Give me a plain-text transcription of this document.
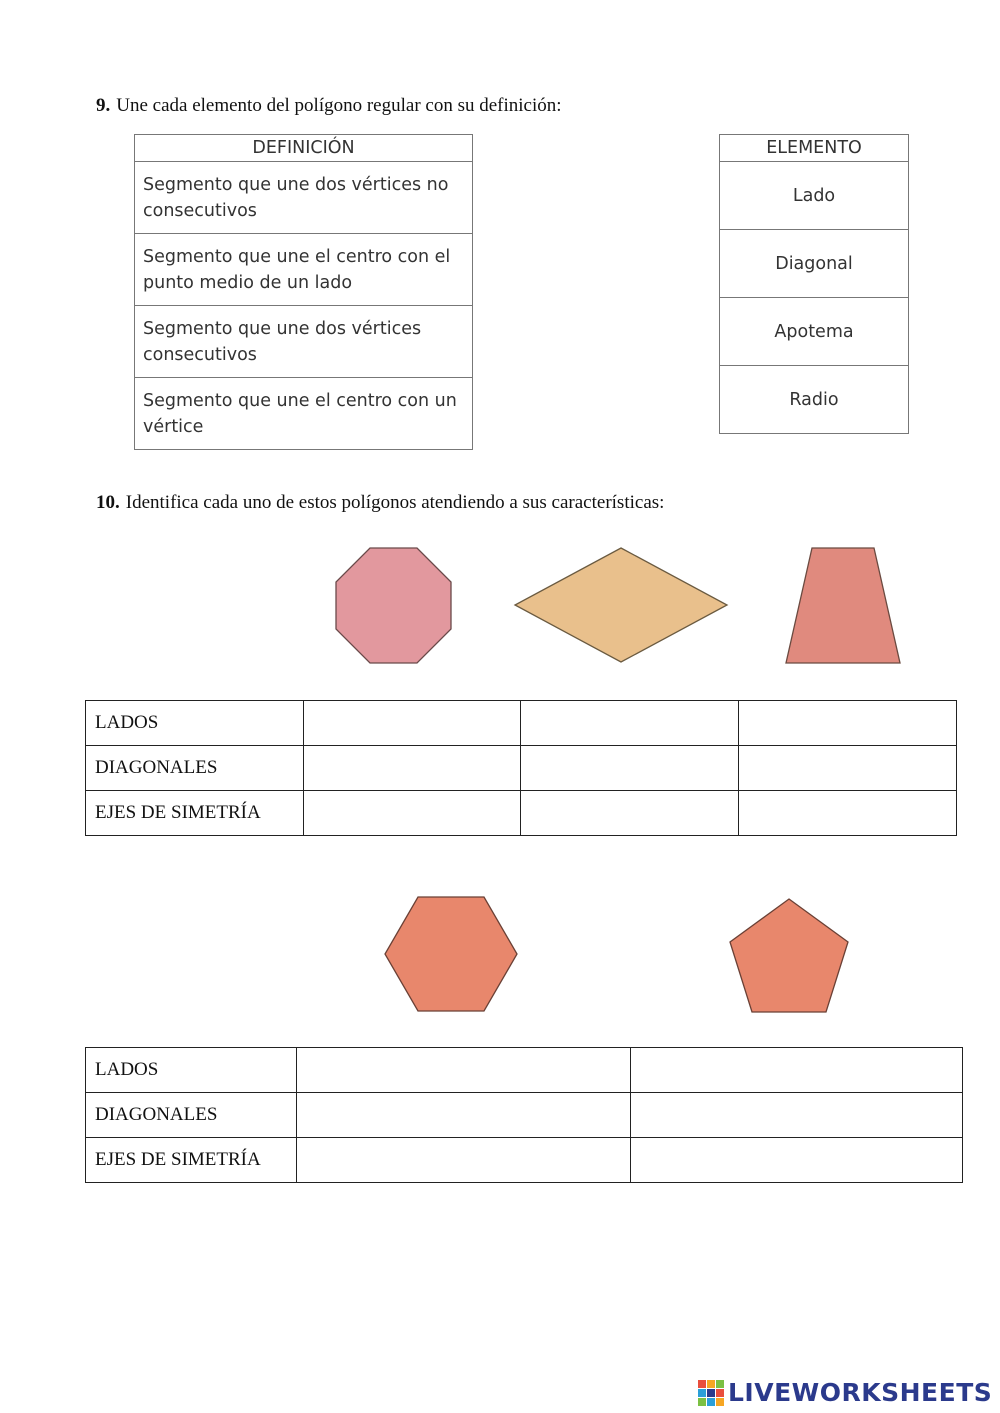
9. Une cada elemento del polígono regular con su definición:
DEFINICIÓN
Segmento que une dos vértices no consecutivos
Segmento que une el centro con el punto medio de un lado
Segmento que une dos vértices consecutivos
Segmento que une el centro con un vértice
ELEMENTO
Lado
Diagonal
Apotema
Radio
10. Identifica cada uno de estos polígonos atendiendo a sus características:
LADOS			
DIAGONALES			
EJES DE SIMETRÍA			
LADOS		
DIAGONALES		
EJES DE SIMETRÍA		
LIVEWORKSHEETS
